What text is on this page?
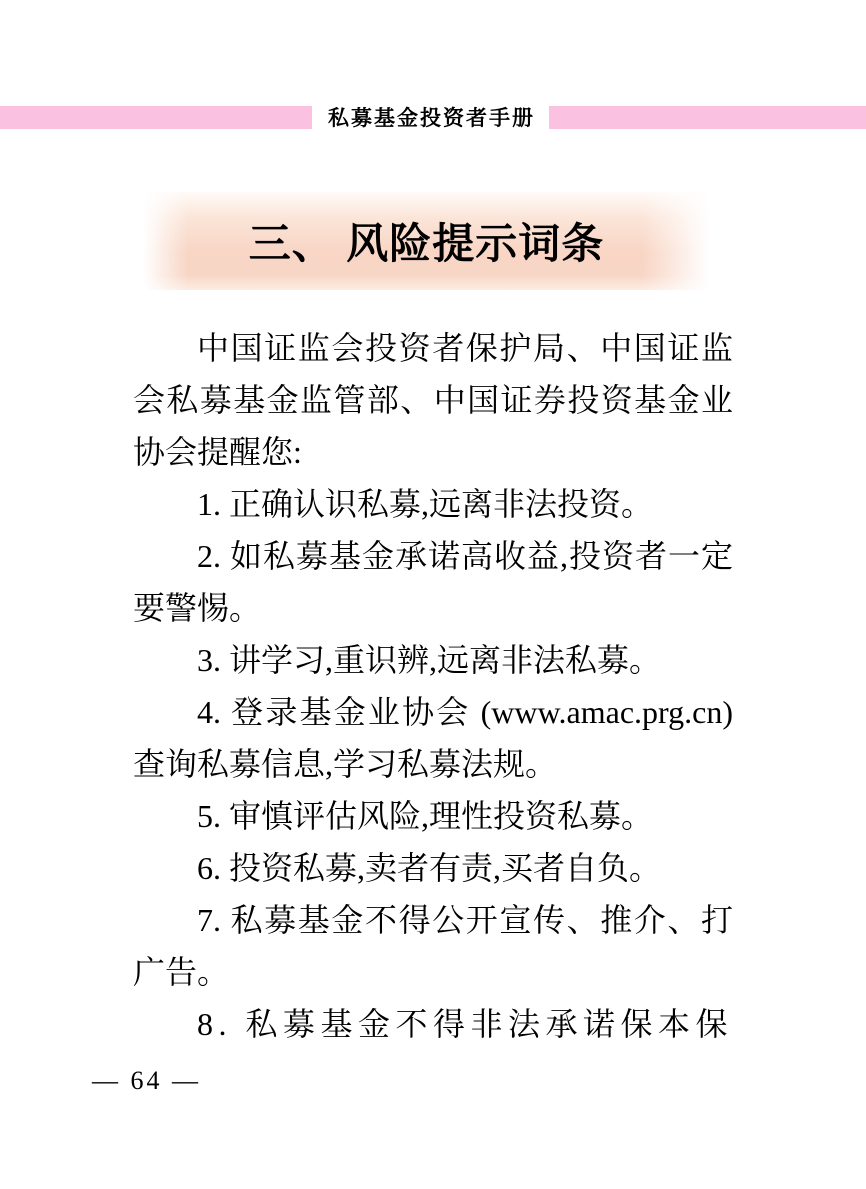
私募基金投资者手册
三、 风险提示词条

中国证监会投资者保护局、中国证监会私募基金监管部、中国证券投资基金业协会提醒您:

1. 正确认识私募,远离非法投资。

2. 如私募基金承诺高收益,投资者一定要警惕。

3. 讲学习,重识辨,远离非法私募。

4. 登录基金业协会 (www.amac.prg.cn) 查询私募信息,学习私募法规。

5. 审慎评估风险,理性投资私募。

6. 投资私募,卖者有责,买者自负。

7. 私募基金不得公开宣传、推介、打广告。

8. 私募基金不得非法承诺保本保

— 64 —
